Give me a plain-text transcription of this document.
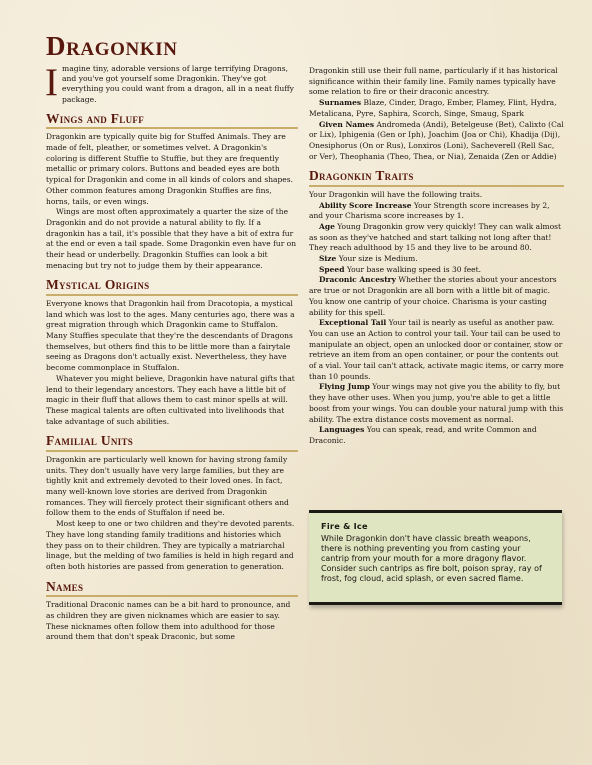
Dragonkin

Imagine tiny, adorable versions of large terrifying Dragons, and you've got yourself some Dragonkin. They've got everything you could want from a dragon, all in a neat fluffy package.

Wings and Fluff

Dragonkin are typically quite big for Stuffed Animals. They are made of felt, pleather, or sometimes velvet. A Dragonkin's coloring is different Stuffie to Stuffie, but they are frequently metallic or primary colors. Buttons and beaded eyes are both typical for Dragonkin and come in all kinds of colors and shapes. Other common features among Dragonkin Stuffies are fins, horns, tails, or even wings.

Wings are most often approximately a quarter the size of the Dragonkin and do not provide a natural ability to fly. If a dragonkin has a tail, it's possible that they have a bit of extra fur at the end or even a tail spade. Some Dragonkin even have fur on their head or underbelly. Dragonkin Stuffies can look a bit menacing but try not to judge them by their appearance.

Mystical Origins

Everyone knows that Dragonkin hail from Dracotopia, a mystical land which was lost to the ages. Many centuries ago, there was a great migration through which Dragonkin came to Stuffalon. Many Stuffies speculate that they're the descendants of Dragons themselves, but others find this to be little more than a fairytale seeing as Dragons don't actually exist. Nevertheless, they have become commonplace in Stuffalon.

Whatever you might believe, Dragonkin have natural gifts that lend to their legendary ancestors. They each have a little bit of magic in their fluff that allows them to cast minor spells at will. These magical talents are often cultivated into livelihoods that take advantage of such abilities.

Familial Units

Dragonkin are particularly well known for having strong family units. They don't usually have very large families, but they are tightly knit and extremely devoted to their loved ones. In fact, many well-known love stories are derived from Dragonkin romances. They will fiercely protect their significant others and follow them to the ends of Stuffalon if need be.

Most keep to one or two children and they're devoted parents. They have long standing family traditions and histories which they pass on to their children. They are typically a matriarchal linage, but the melding of two families is held in high regard and often both histories are passed from generation to generation.

Names

Traditional Draconic names can be a bit hard to pronounce, and as children they are given nicknames which are easier to say. These nicknames often follow them into adulthood for those around them that don't speak Draconic, but some

Dragonkin still use their full name, particularly if it has historical significance within their family line. Family names typically have some relation to fire or their draconic ancestry.

Surnames Blaze, Cinder, Drago, Ember, Flamey, Flint, Hydra, Metalicana, Pyre, Saphira, Scorch, Singe, Smaug, Spark

Given Names Andromeda (Andi), Betelgeuse (Bet), Calixto (Cal or Lix), Iphigenia (Gen or Iph), Joachim (Joa or Chi), Khadija (Dij), Onesiphorus (On or Rus), Lonxiros (Loni), Sacheverell (Rell Sac, or Ver), Theophania (Theo, Thea, or Nia), Zenaida (Zen or Addie)

Dragonkin Traits

Your Dragonkin will have the following traits.

Ability Score Increase Your Strength score increases by 2, and your Charisma score increases by 1.

Age Young Dragonkin grow very quickly! They can walk almost as soon as they've hatched and start talking not long after that! They reach adulthood by 15 and they live to be around 80.

Size Your size is Medium.

Speed Your base walking speed is 30 feet.

Draconic Ancestry Whether the stories about your ancestors are true or not Dragonkin are all born with a little bit of magic. You know one cantrip of your choice. Charisma is your casting ability for this spell.

Exceptional Tail Your tail is nearly as useful as another paw. You can use an Action to control your tail. Your tail can be used to manipulate an object, open an unlocked door or container, stow or retrieve an item from an open container, or pour the contents out of a vial. Your tail can't attack, activate magic items, or carry more than 10 pounds.

Flying Jump Your wings may not give you the ability to fly, but they have other uses. When you jump, you're able to get a little boost from your wings. You can double your natural jump with this ability. The extra distance costs movement as normal.

Languages You can speak, read, and write Common and Draconic.

Fire & Ice

While Dragonkin don't have classic breath weapons, there is nothing preventing you from casting your cantrip from your mouth for a more dragony flavor. Consider such cantrips as fire bolt, poison spray, ray of frost, fog cloud, acid splash, or even sacred flame.
